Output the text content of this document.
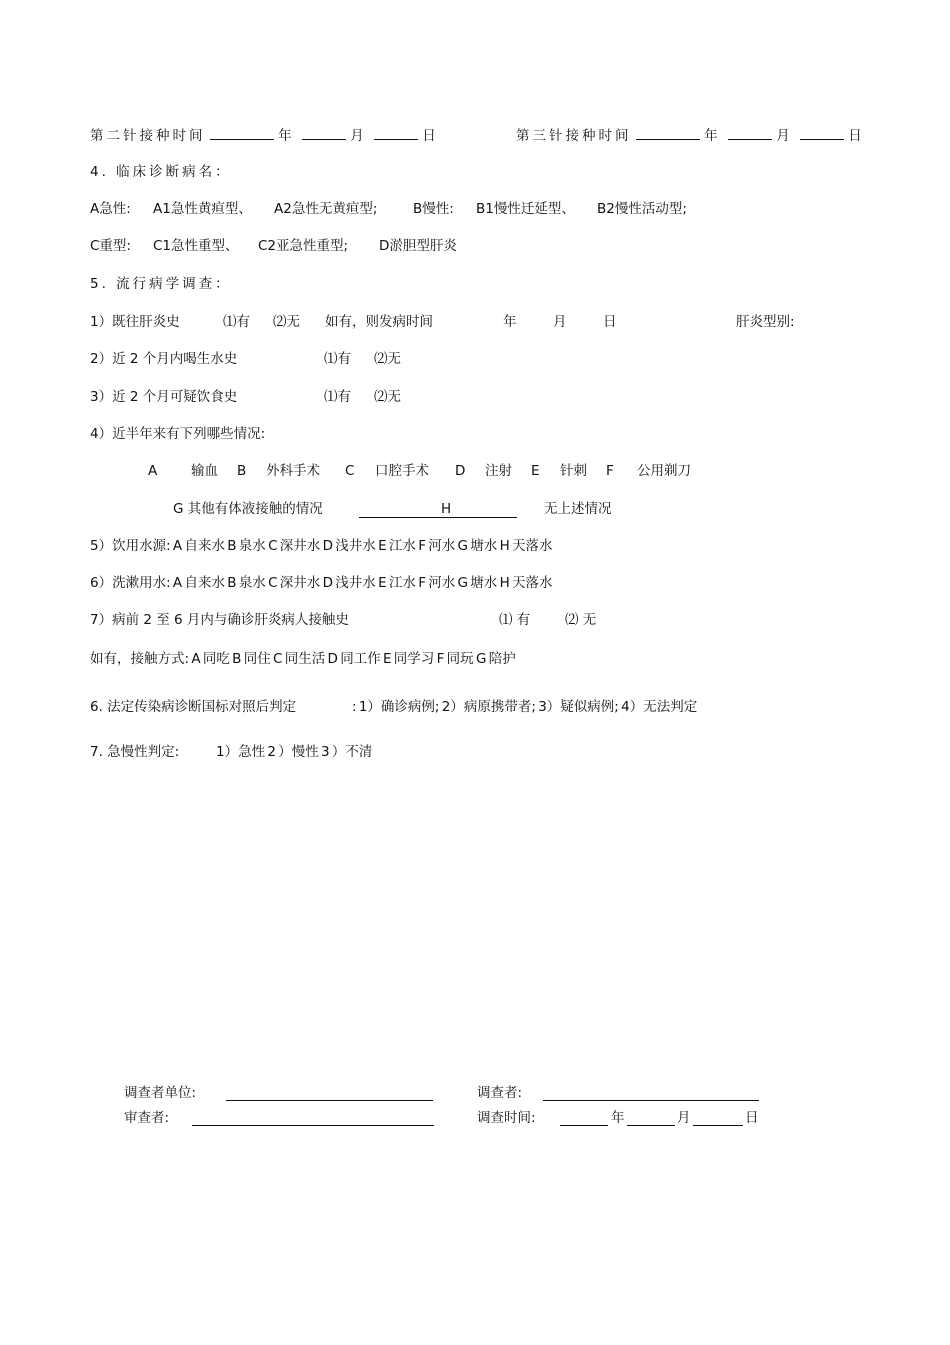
第二针接种时间	年	月	日	第三针接种时间	年	月	日
4. 临床诊断病名：
A急性: A1急性黄疸型、 A2急性无黄疸型;	B慢性: B1慢性迁延型、 B2慢性活动型;
C重型: C1急性重型、 C2亚急性重型; D淤胆型肝炎
5. 流行病学调查：
1）既往肝炎史	⑴有 ⑵无 如有，则发病时间	年	月	日	肝炎型别:
2）近 2 个月内喝生水史	⑴有 ⑵无
3）近 2 个月可疑饮食史	⑴有 ⑵无
4）近半年来有下列哪些情况:
A	输血 B 外科手术 C 口腔手术 D 注射 E 针刺 F 公用剃刀
G 其他有体液接触的情况	H	无上述情况
5）饮用水源: A 自来水 B 泉水 C 深井水 D 浅井水 E 江水 F 河水 G 塘水 H 天落水
6）洗漱用水: A 自来水 B 泉水 C 深井水 D 浅井水 E 江水 F 河水 G 塘水 H 天落水
7）病前 2 至 6 月内与确诊肝炎病人接触史	⑴ 有	⑵ 无
如有，接触方式: A 同吃 B 同住 C 同生活 D 同工作 E 同学习 F 同玩 G 陪护
6. 法定传染病诊断国标对照后判定	: 1）确诊病例; 2）病原携带者; 3）疑似病例; 4）无法判定
7. 急慢性判定:	1）急性 2 ）慢性 3 ）不清
调查者单位:	调查者:
审查者:	调查时间:	年	月	日
